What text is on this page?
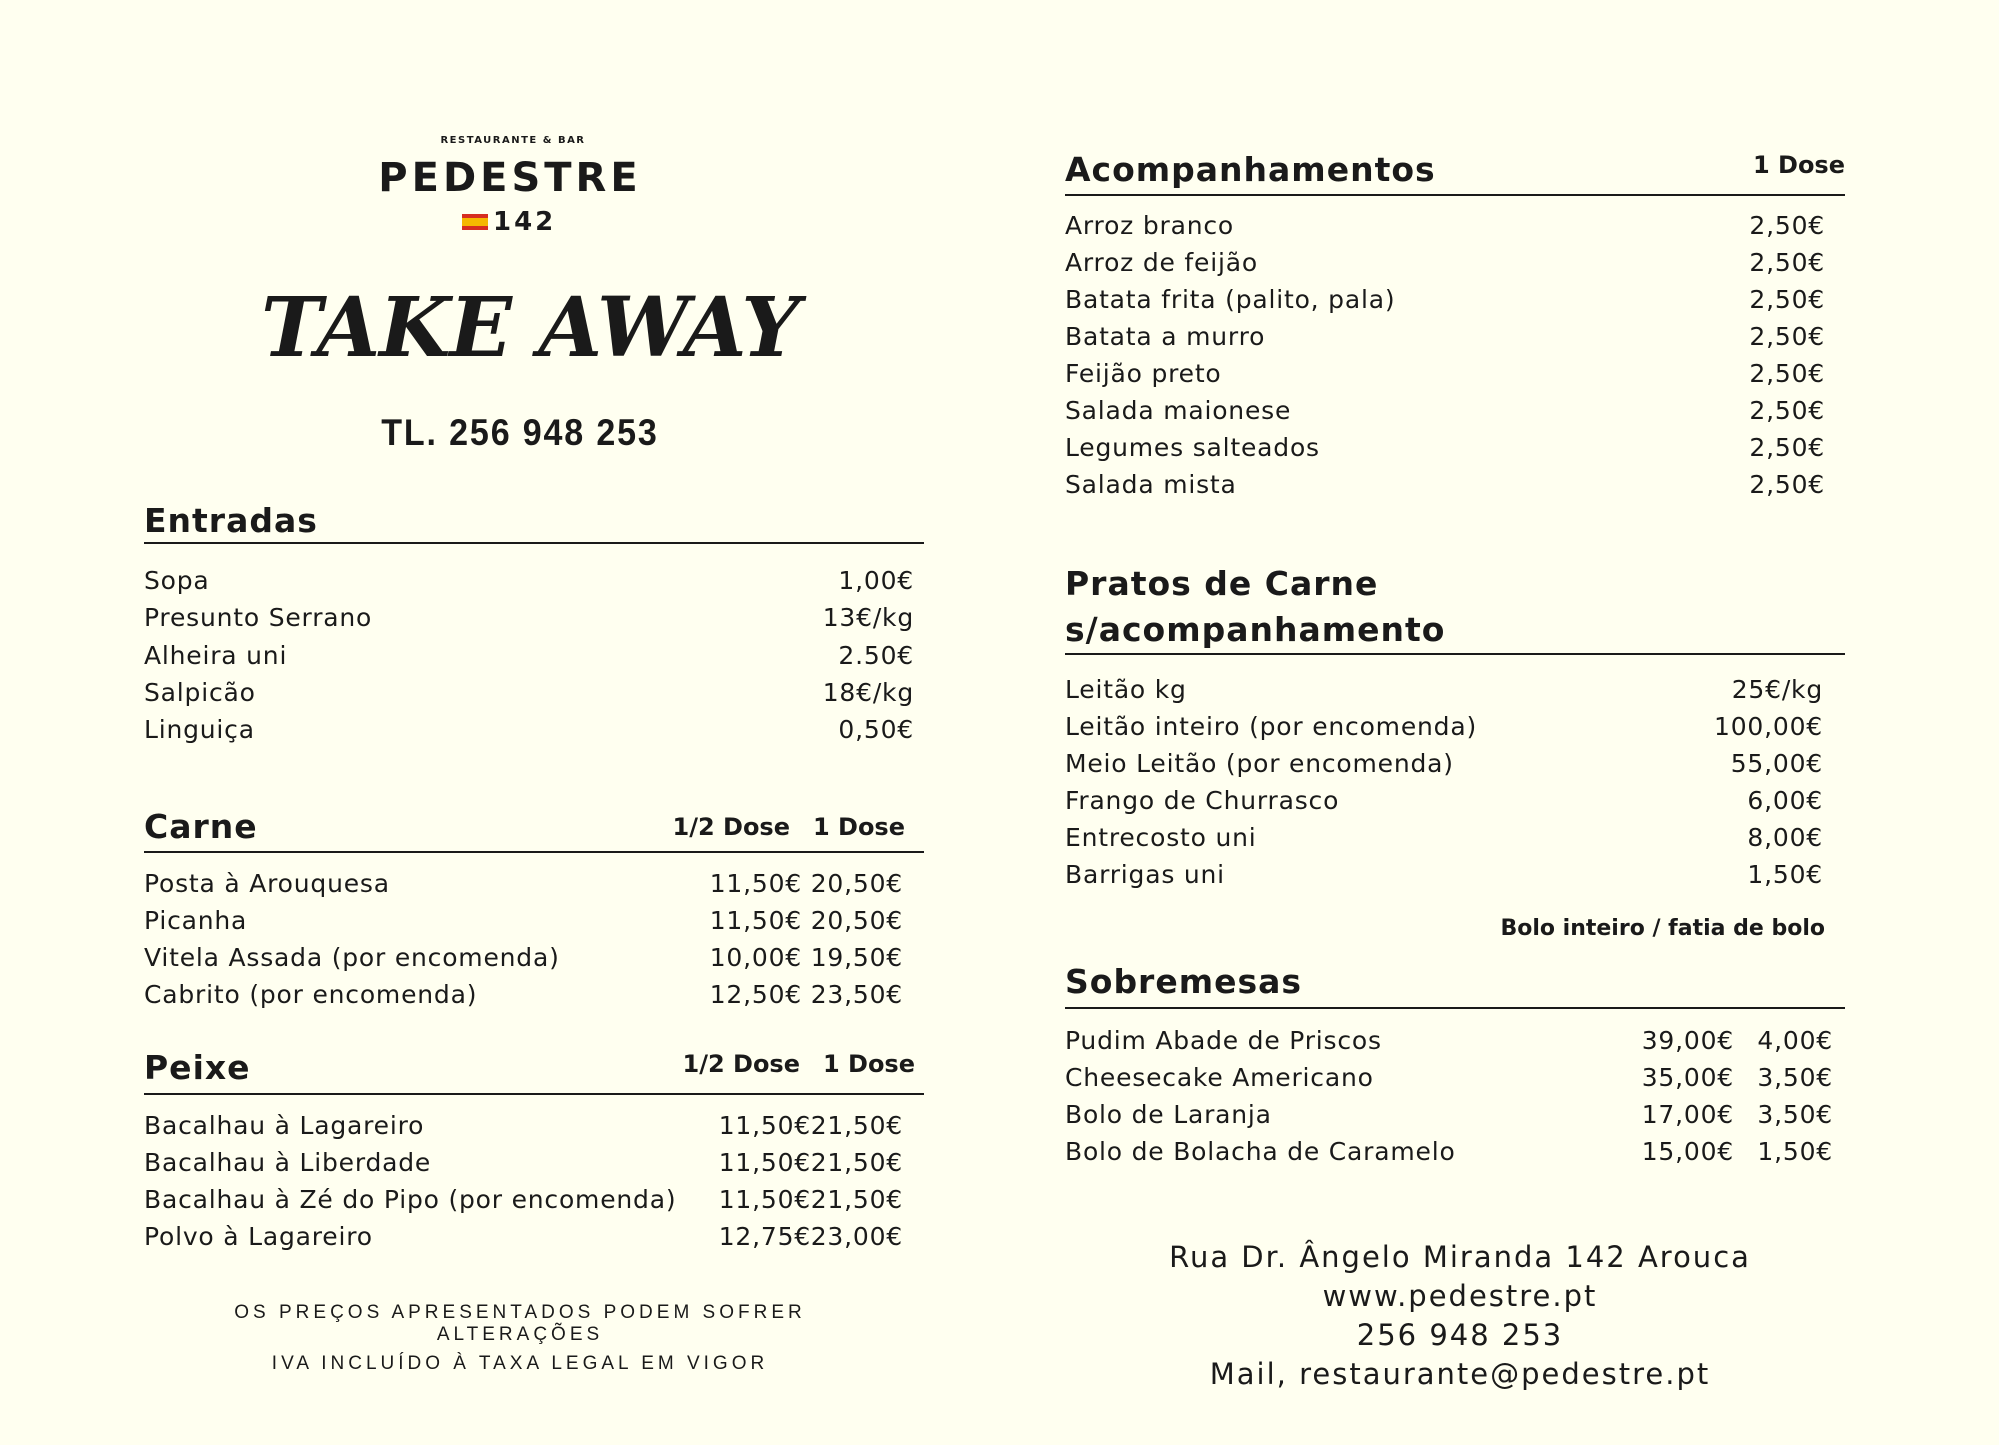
RESTAURANTE & BAR
PEDESTRE
142
TAKE AWAY
TL. 256 948 253
Entradas
Sopa	1,00€
Presunto Serrano	13€/kg
Alheira uni	2.50€
Salpicão	18€/kg
Linguiça	0,50€
Carne	1/2 Dose 1 Dose
Posta à Arouquesa	11,50€ 20,50€
Picanha	11,50€ 20,50€
Vitela Assada (por encomenda)	10,00€ 19,50€
Cabrito (por encomenda)	12,50€ 23,50€
Peixe	1/2 Dose 1 Dose
Bacalhau à Lagareiro	11,50€ 21,50€
Bacalhau à Liberdade	11,50€ 21,50€
Bacalhau à Zé do Pipo (por encomenda) 11,50€ 21,50€
Polvo à Lagareiro	12,75€ 23,00€
OS PREÇOS APRESENTADOS PODEM SOFRER ALTERAÇÕES
IVA INCLUÍDO À TAXA LEGAL EM VIGOR
Acompanhamentos	1 Dose
Arroz branco	2,50€
Arroz de feijão	2,50€
Batata frita (palito, pala)	2,50€
Batata a murro	2,50€
Feijão preto	2,50€
Salada maionese	2,50€
Legumes salteados	2,50€
Salada mista	2,50€
Pratos de Carne
s/acompanhamento
Leitão kg	25€/kg
Leitão inteiro (por encomenda)	100,00€
Meio Leitão (por encomenda)	55,00€
Frango de Churrasco	6,00€
Entrecosto uni	8,00€
Barrigas uni	1,50€
Bolo inteiro / fatia de bolo
Sobremesas
Pudim Abade de Priscos	39,00€ 4,00€
Cheesecake Americano	35,00€ 3,50€
Bolo de Laranja	17,00€ 3,50€
Bolo de Bolacha de Caramelo	15,00€ 1,50€
Rua Dr. Ângelo Miranda 142 Arouca
www.pedestre.pt
256 948 253
Mail, restaurante@pedestre.pt
